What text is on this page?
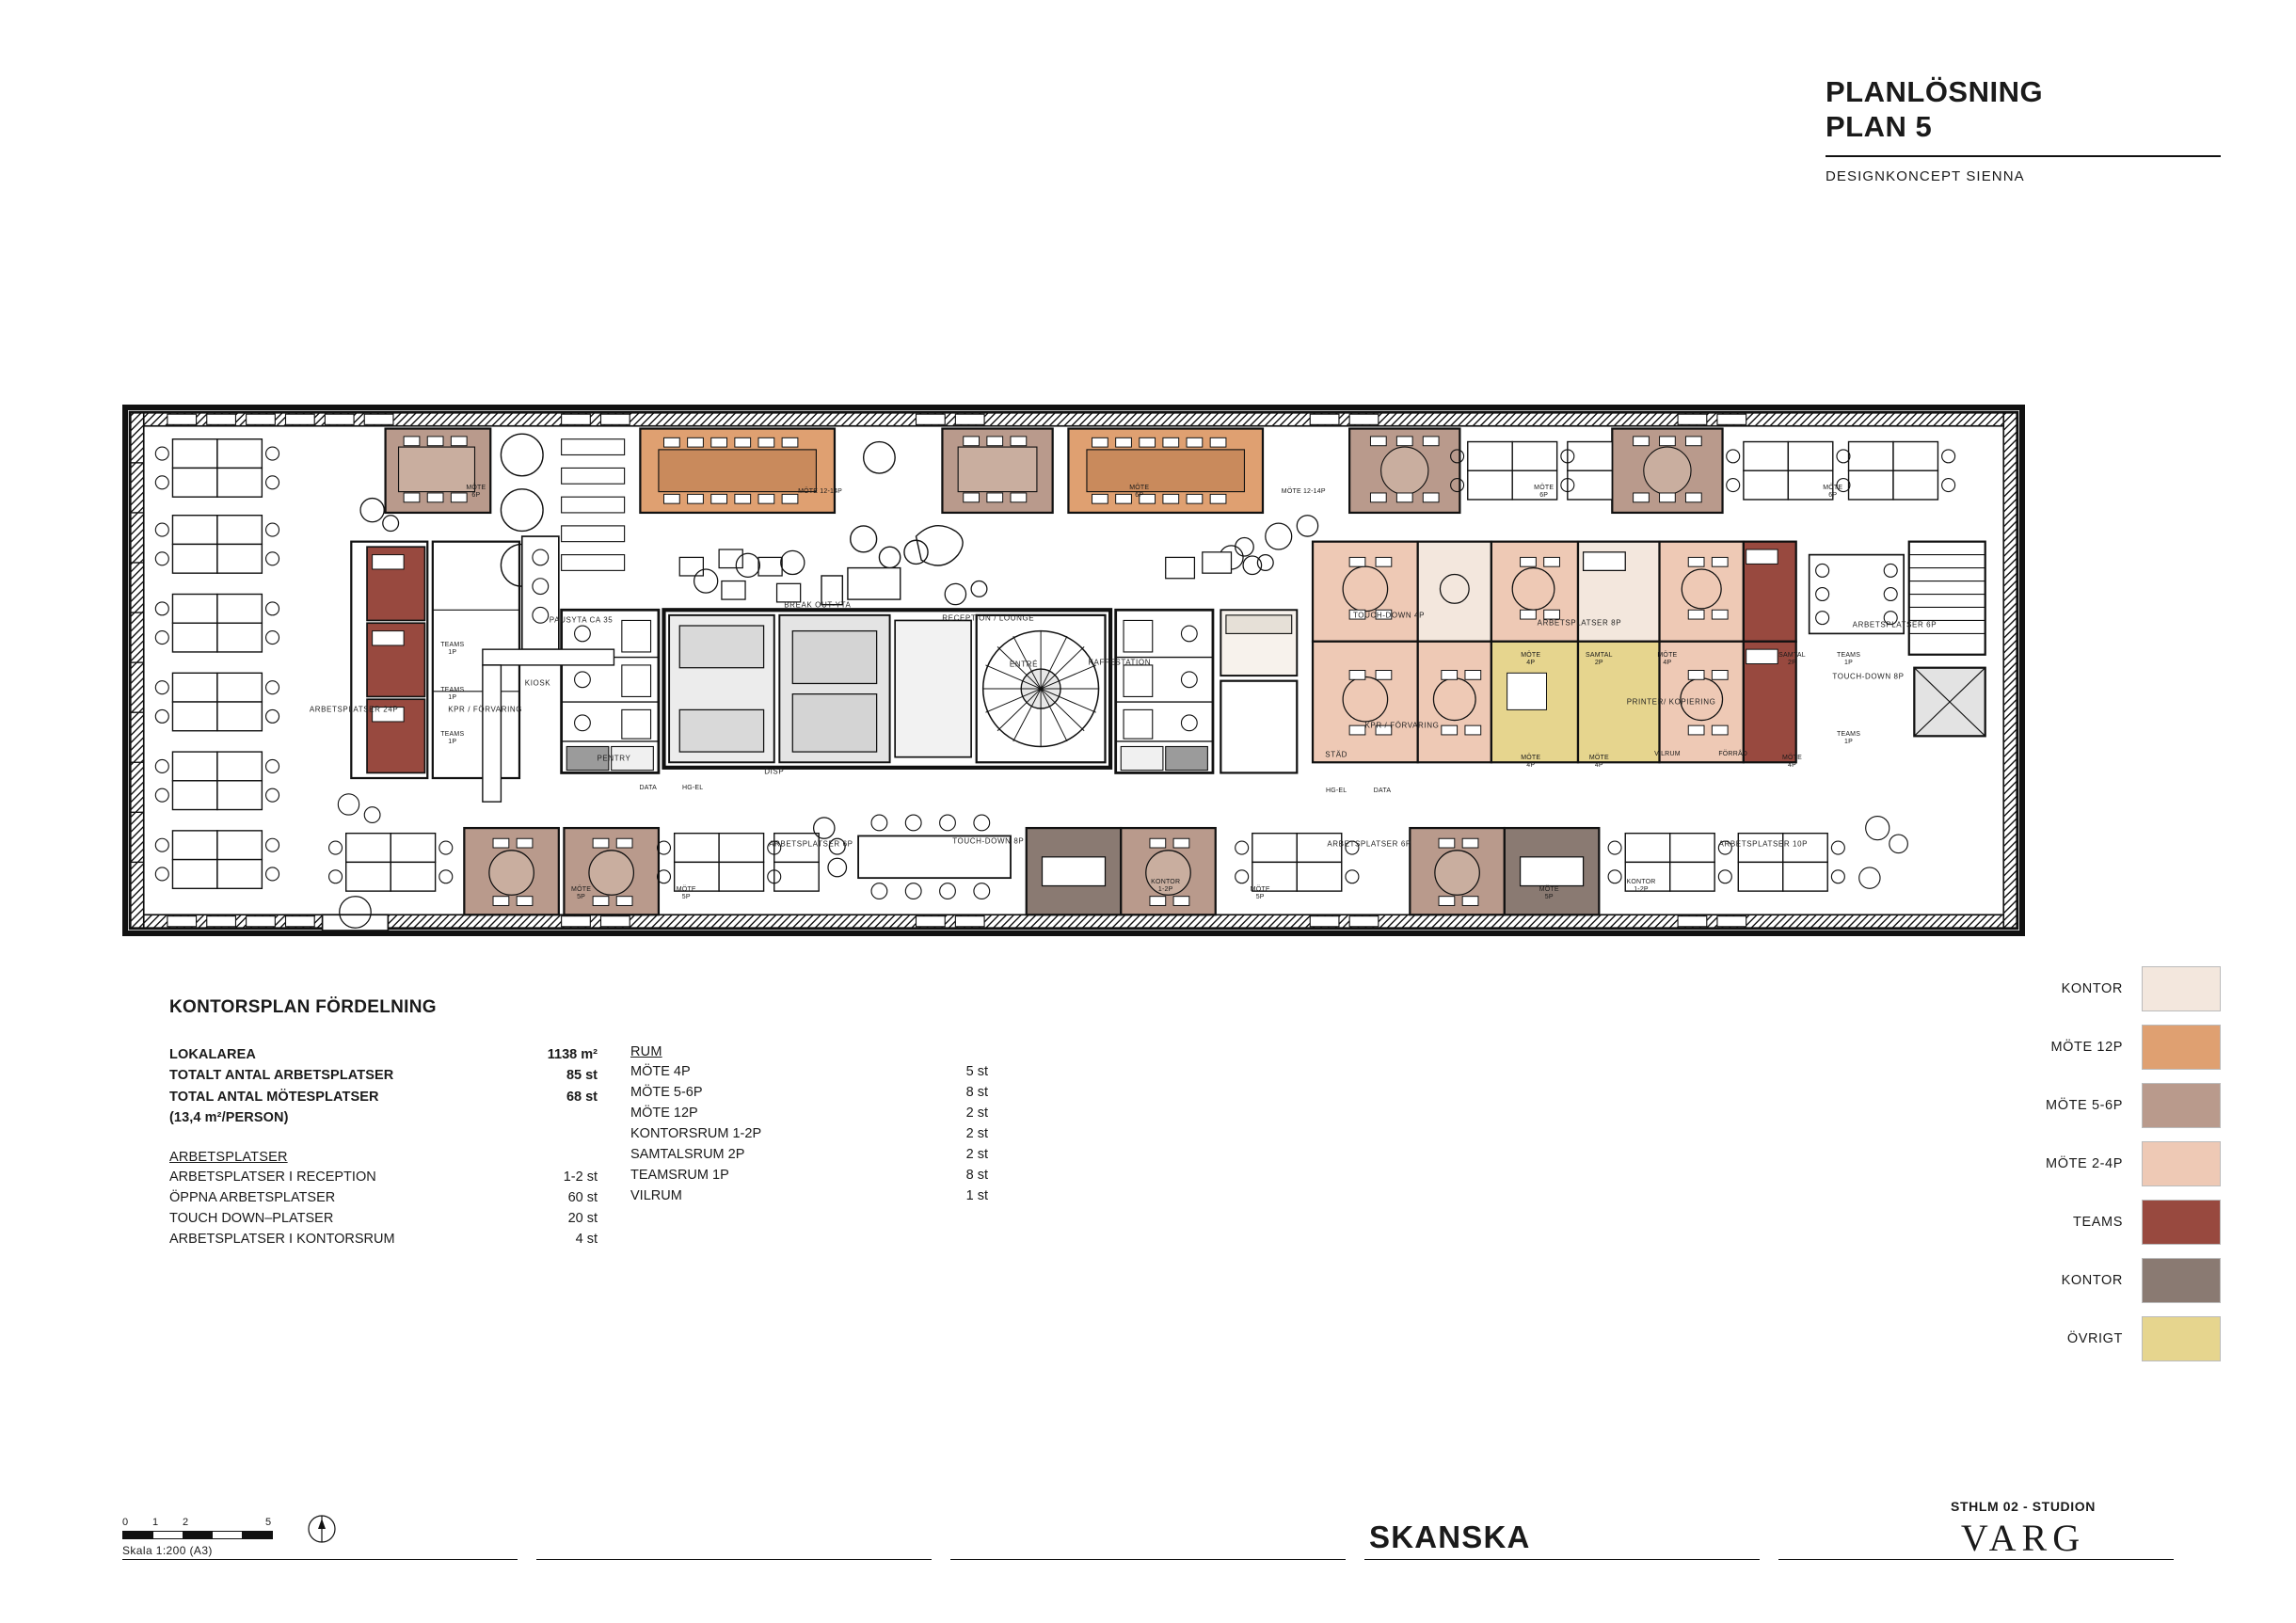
PLANLÖSNING
PLAN 5
DESIGNKONCEPT SIENNA
PAUSYTA CA 35
BREAK OUT-YTA
RECEPTION / LOUNGE
ENTRÉ	KAFFESTATION
TOUCH-DOWN 4P
ARBETSPLATSER 8P	ARBETSPLATSER 6P
TOUCH-DOWN 8P
ARBETSPLATSER 6P	TOUCH-DOWN 8P	ARBETSPLATSER 6P	ARBETSPLATSER 10P
ARBETSPLATSER 24P	KPR / FÖRVARING
KPR / FÖRVARING
KIOSK
PENTRY
DISP
STÄD
PRINTER/ KOPIERING
MÖTE
6P
MÖTE 12-14P
MÖTE
6P
MÖTE 12-14P
MÖTE
6P
MÖTE
6P
TEAMS
1P
TEAMS
1P
TEAMS
1P
MÖTE
4P
SAMTAL
2P
MÖTE
4P
SAMTAL
2P
TEAMS
1P
MÖTE
4P
MÖTE
4P
VILRUM	FÖRRÅD
MÖTE
4P
TEAMS
1P
MÖTE
5P
MÖTE
5P
KONTOR
1-2P	MÖTE
5P
MÖTE
5P
KONTOR
1-2P
HG-EL
DATA	HG-EL	DATA
KONTORSPLAN FÖRDELNING
LOKALAREA	1138 m²
TOTALT ANTAL ARBETSPLATSER	85 st
TOTAL ANTAL MÖTESPLATSER	68 st
(13,4 m²/PERSON)
ARBETSPLATSER
ARBETSPLATSER I RECEPTION	1-2 st
ÖPPNA ARBETSPLATSER	60 st
TOUCH DOWN–PLATSER	20 st
ARBETSPLATSER I KONTORSRUM	4 st
RUM
MÖTE 4P	5 st
MÖTE 5-6P	8 st
MÖTE 12P	2 st
KONTORSRUM 1-2P	2 st
SAMTALSRUM 2P	2 st
TEAMSRUM 1P	8 st
VILRUM	1 st
KONTOR
MÖTE 12P
MÖTE 5-6P
MÖTE 2-4P
TEAMS
KONTOR
ÖVRIGT
0 1 2	5
Skala 1:200 (A3)	SKANSKA
STHLM 02 - STUDION
VARG
